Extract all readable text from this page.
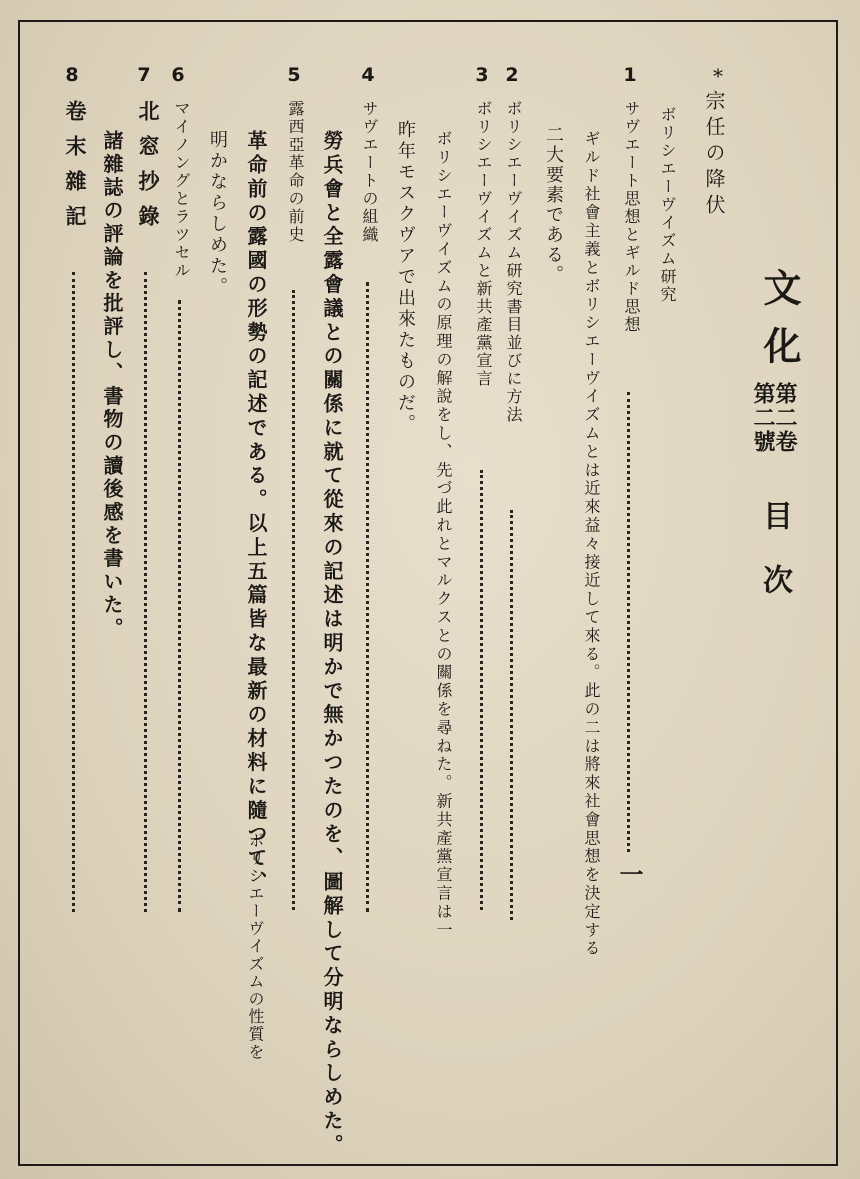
文化
第二卷
第二號
目次
*
宗任の降伏
ボリシエーヴイズム研究
1
サヴエート思想とギルド思想
一
ギルド社會主義とボリシエーヴイズムとは近來益々接近して來る。此の二は將來社會思想を決定する
二大要素である。
2
ボリシエーヴイズム研究書目並びに方法
3
ボリシエーヴイズムと新共產黨宣言
ボリシエーヴイズムの原理の解說をし、先づ此れとマルクスとの關係を尋ねた。新共產黨宣言は一
昨年モスクヴアで出來たものだ。
4
サヴエートの組織
勞兵會と全露會議との關係に就て從來の記述は明かで無かつたのを、圖解して分明ならしめた。
5
露西亞革命の前史
革命前の露國の形勢の記述である。以上五篇皆な最新の材料に隨つて、
ボリシエーヴイズムの性質を
明かならしめた。
6
マイノングとラツセル
7
北窓抄錄
8
卷末雜記 諸雜誌の評論を批評し、書物の讀後感を書いた。
